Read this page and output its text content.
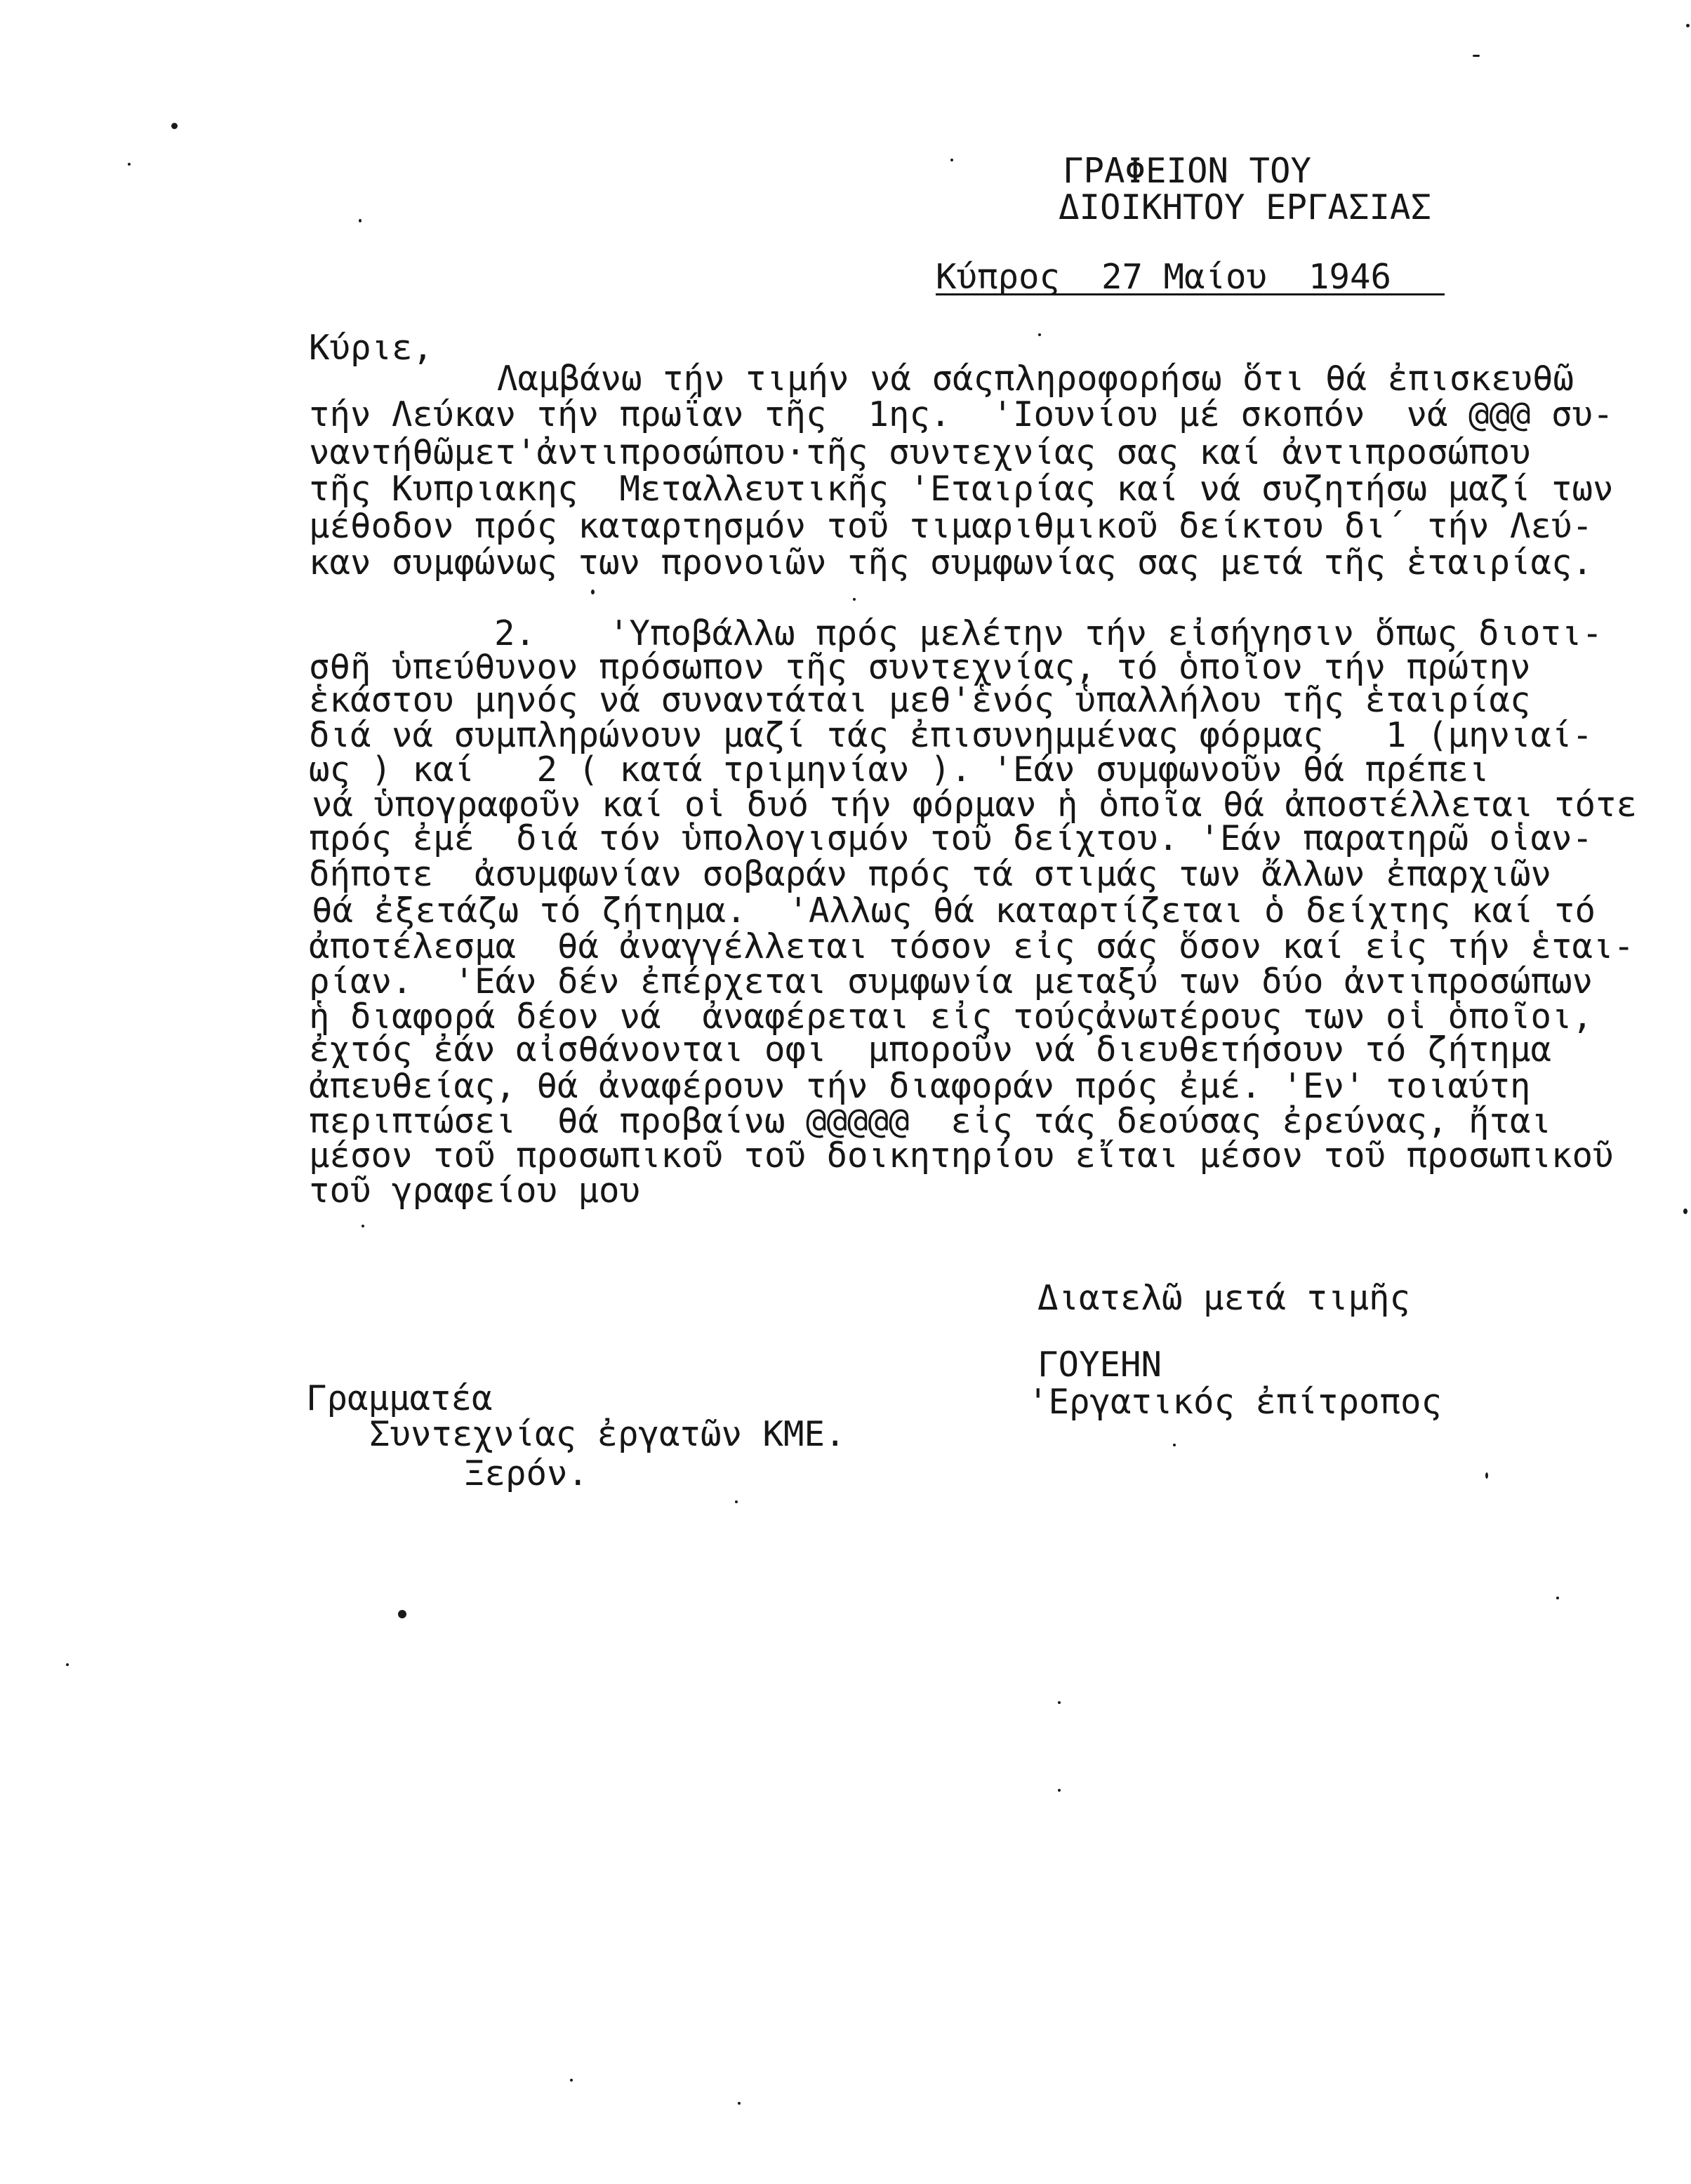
ΓΡΑΦΕΙΟΝ ΤΟΥ
ΔΙΟΙΚΗΤΟΥ ΕΡΓΑΣΙΑΣ
Κύπρος  27 Μαίου  1946
Κύριε,
Λαμβάνω τήν τιμήν νά σάςπληροφορήσω ὅτι θά ἐπισκευθῶ
τήν Λεύκαν τήν πρωΐαν τῆς  1ης.  'Ιουνίου μέ σκοπόν  νά @@@ συ-
ναντήθῶμετ'ἀντιπροσώπου·τῆς συντεχνίας σας καί ἀντιπροσώπου
τῆς Κυπριακης  Μεταλλευτικῆς 'Εταιρίας καί νά συζητήσω μαζί των
μέθοδον πρός καταρτησμόν τοῦ τιμαριθμικοῦ δείκτου δι΄ τήν Λεύ-
καν συμφώνως των προνοιῶν τῆς συμφωνίας σας μετά τῆς ἑταιρίας.
2. 'Υποβάλλω πρός μελέτην τήν εἰσήγησιν ὅπως διοτι-
σθῆ ὑπεύθυνον πρόσωπον τῆς συντεχνίας, τό ὁποῖον τήν πρώτην
ἑκάστου μηνός νά συναντάται μεθ'ἑνός ὑπαλλήλου τῆς ἑταιρίας
διά νά συμπληρώνουν μαζί τάς ἐπισυνημμένας φόρμας   1 (μηνιαί-
ως ) καί   2 ( κατά τριμηνίαν ). 'Εάν συμφωνοῦν θά πρέπει
νά ὑπογραφοῦν καί οἱ δυό τήν φόρμαν ἡ ὁποῖα θά ἀποστέλλεται τότε
πρός ἐμέ  διά τόν ὑπολογισμόν τοῦ δείχτου. 'Εάν παρατηρῶ οἱαν-
δήποτε  ἀσυμφωνίαν σοβαράν πρός τά στιμάς των ἄλλων ἐπαρχιῶν
θά ἐξετάζω τό ζήτημα.  'Αλλως θά καταρτίζεται ὁ δείχτης καί τό
ἀποτέλεσμα  θά ἀναγγέλλεται τόσον εἰς σάς ὅσον καί εἰς τήν ἑται-
ρίαν.  'Εάν δέν ἐπέρχεται συμφωνία μεταξύ των δύο ἀντιπροσώπων
ἡ διαφορά δέον νά  ἀναφέρεται εἰς τούςἀνωτέρους των οἱ ὁποῖοι,
ἐχτός ἐάν αἰσθάνονται οφι  μποροῦν νά διευθετήσουν τό ζήτημα
ἀπευθείας, θά ἀναφέρουν τήν διαφοράν πρός ἐμέ. 'Εν' τοιαύτη
περιπτώσει  θά προβαίνω @@@@@  εἰς τάς δεούσας ἐρεύνας, ἤται
μέσον τοῦ προσωπικοῦ τοῦ δοικητηρίου εἴται μέσον τοῦ προσωπικοῦ
τοῦ γραφείου μου
Διατελῶ μετά τιμῆς
ΓΟΥΕΗΝ
'Εργατικός ἐπίτροπος
Γραμματέα
Συντεχνίας ἐργατῶν ΚΜΕ.
Ξερόν.
